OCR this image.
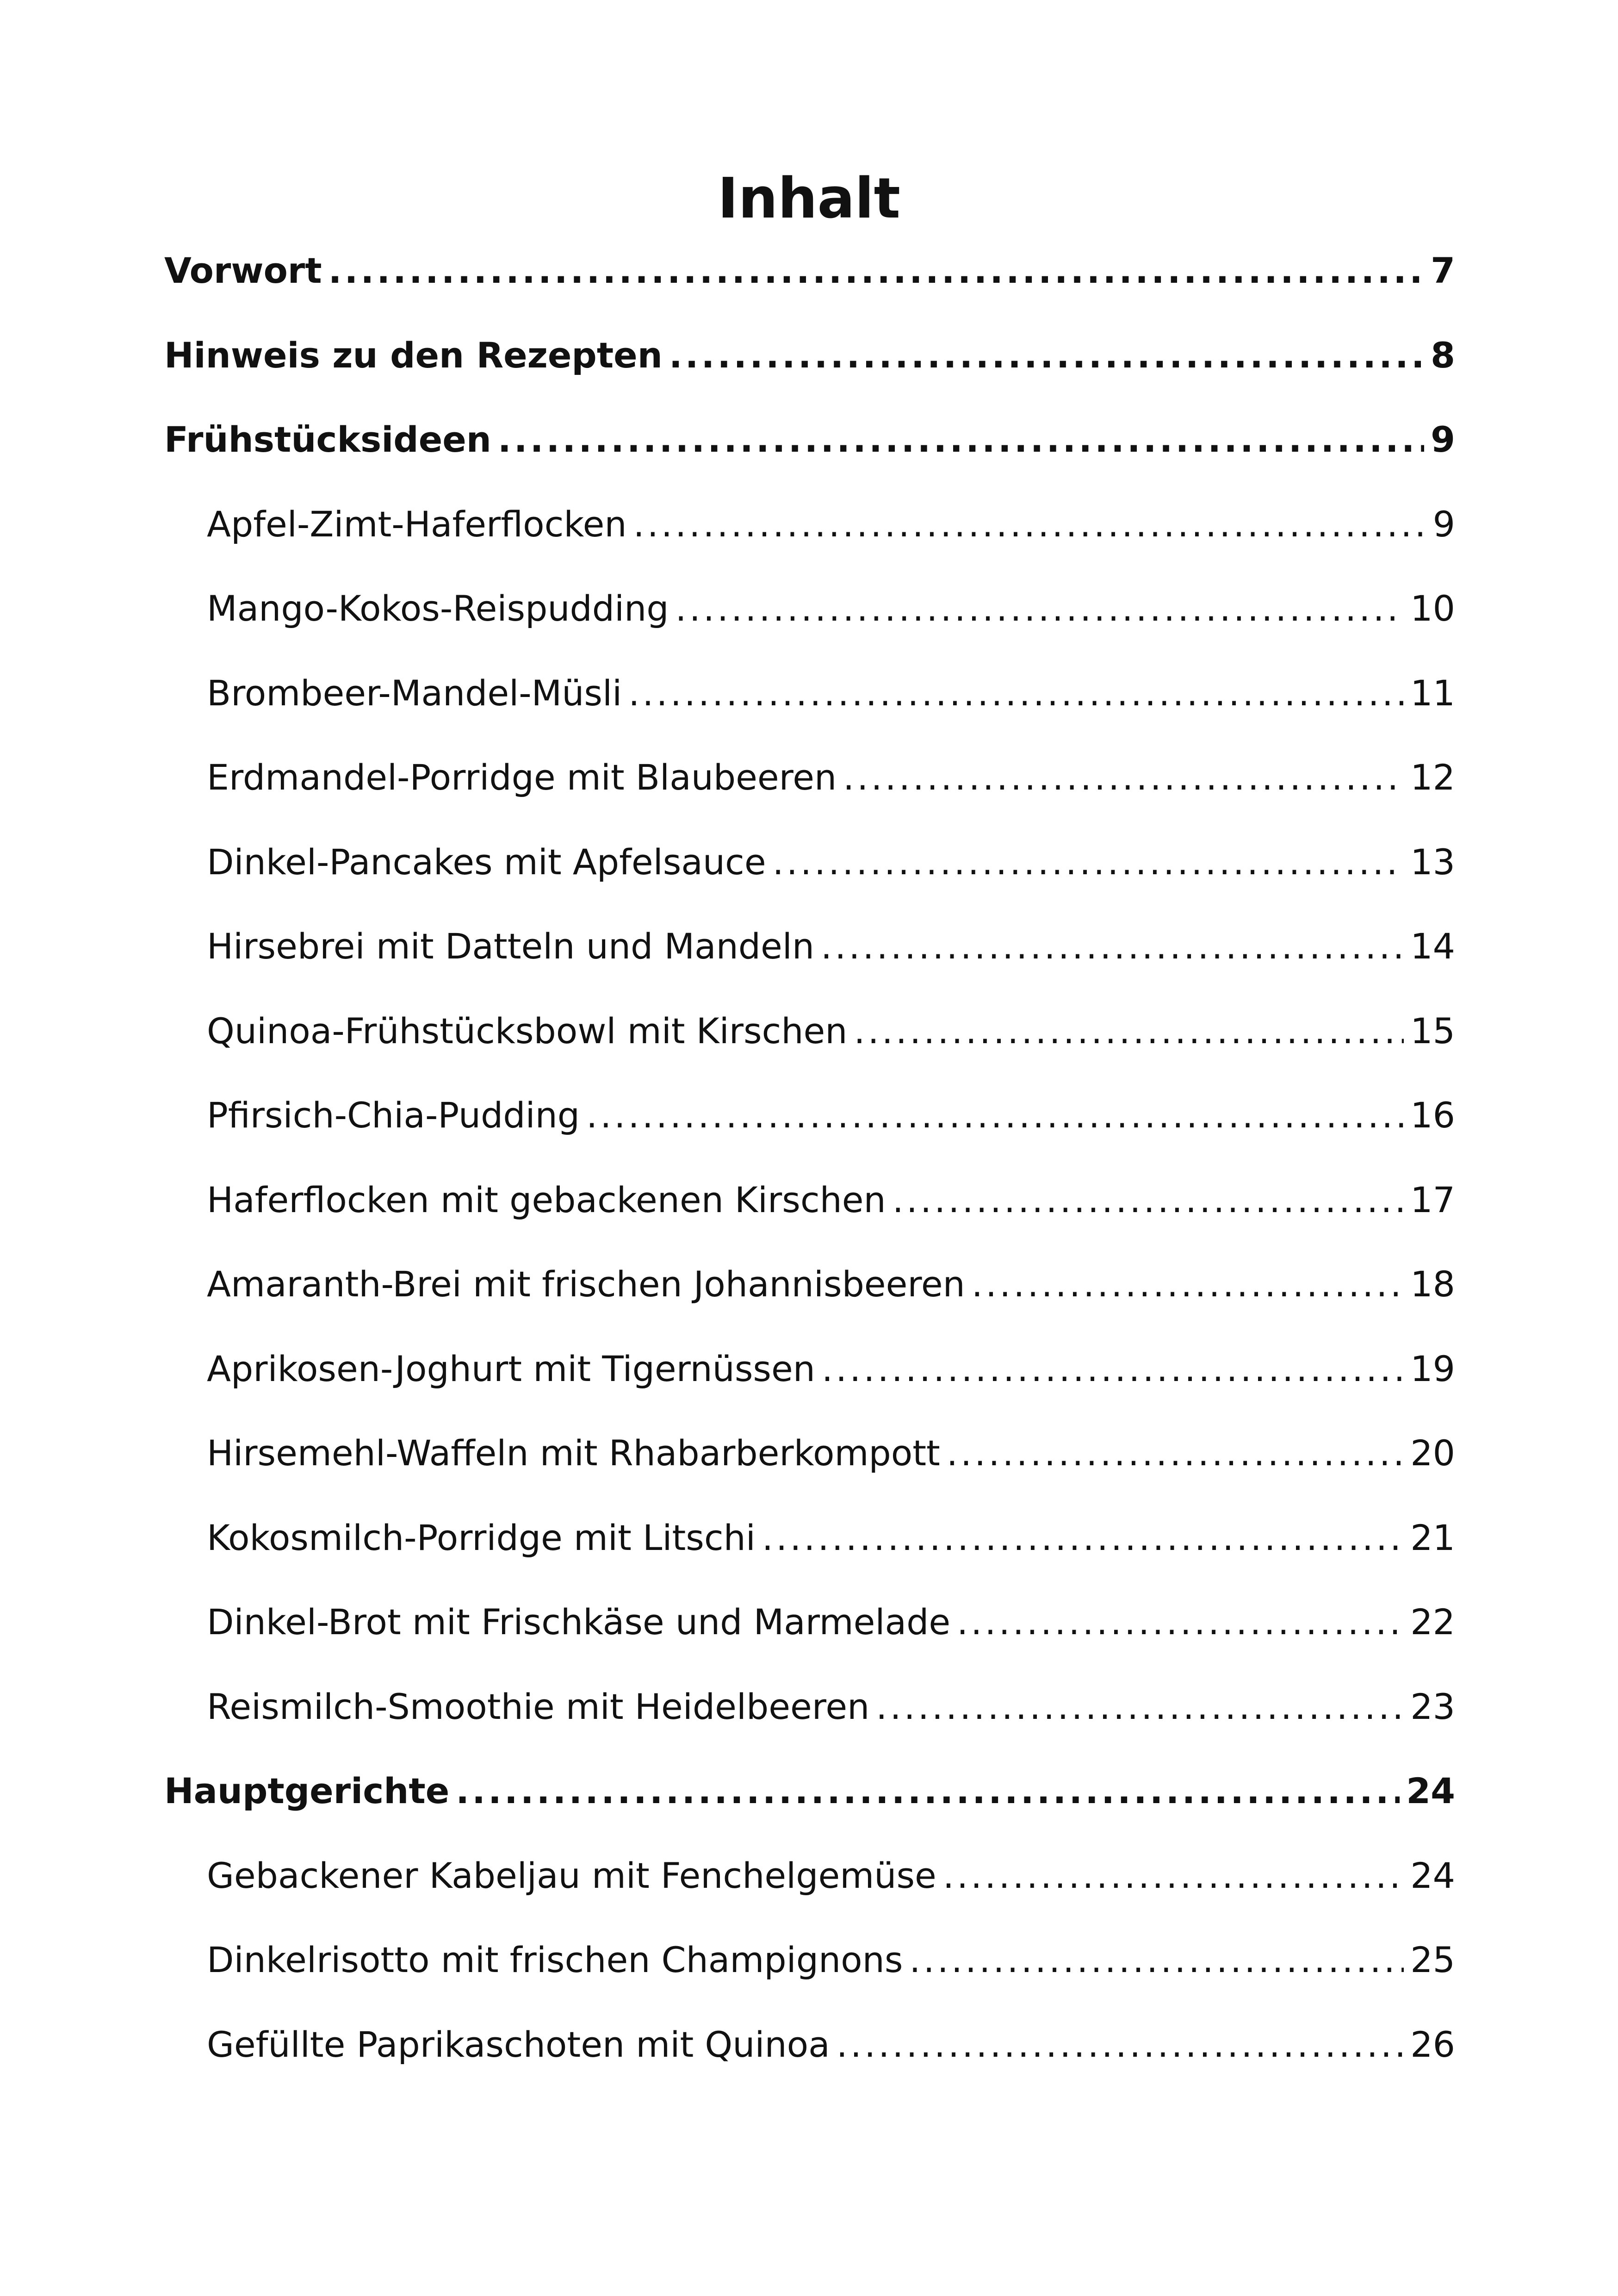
Inhalt
Vorwort .....	7
Hinweis zu den Rezepten .....	8
Frühstücksideen .....	9
Apfel-Zimt-Haferflocken .....	9
Mango-Kokos-Reispudding .....	10
Brombeer-Mandel-Müsli .....	11
Erdmandel-Porridge mit Blaubeeren .....	12
Dinkel-Pancakes mit Apfelsauce .....	13
Hirsebrei mit Datteln und Mandeln .....	14
Quinoa-Frühstücksbowl mit Kirschen .....	15
Pfirsich-Chia-Pudding .....	16
Haferflocken mit gebackenen Kirschen .....	17
Amaranth-Brei mit frischen Johannisbeeren .....	18
Aprikosen-Joghurt mit Tigernüssen .....	19
Hirsemehl-Waffeln mit Rhabarberkompott .....	20
Kokosmilch-Porridge mit Litschi .....	21
Dinkel-Brot mit Frischkäse und Marmelade .....	22
Reismilch-Smoothie mit Heidelbeeren .....	23
Hauptgerichte .....	24
Gebackener Kabeljau mit Fenchelgemüse .....	24
Dinkelrisotto mit frischen Champignons .....	25
Gefüllte Paprikaschoten mit Quinoa .....	26
